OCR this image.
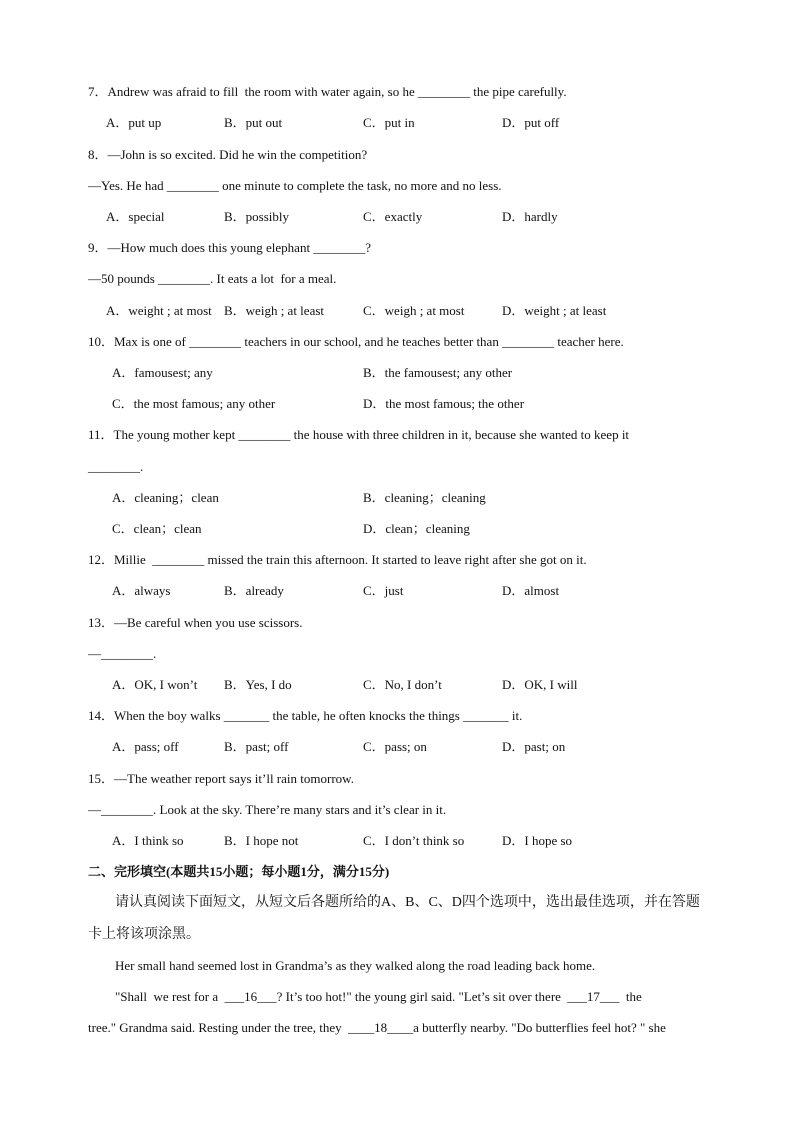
7．Andrew was afraid to fill  the room with water again, so he ________ the pipe carefully.
A．put up	B．put out	C．put in	D．put off
8．—John is so excited. Did he win the competition?
—Yes. He had ________ one minute to complete the task, no more and no less.
A．special	B．possibly	C．exactly	D．hardly
9．—How much does this young elephant ________?
—50 pounds ________. It eats a lot  for a meal.
A．weight ; at most B．weigh ; at least	C．weigh ; at most	D．weight ; at least
10．Max is one of ________ teachers in our school, and he teaches better than ________ teacher here.
A．famousest; any	B．the famousest; any other
C．the most famous; any other	D．the most famous; the other
11．The young mother kept ________ the house with three children in it, because she wanted to keep it
________.
A．cleaning；clean	B．cleaning；cleaning
C．clean；clean	D．clean；cleaning
12．Millie  ________ missed the train this afternoon. It started to leave right after she got on it.
A．always	B．already	C．just	D．almost
13．—Be careful when you use scissors.
—________.
A．OK, I won’t B．Yes, I do	C．No, I don’t	D．OK, I will
14．When the boy walks _______ the table, he often knocks the things _______ it.
A．pass; off	B．past; off	C．pass; on	D．past; on
15．—The weather report says it’ll rain tomorrow.
—________. Look at the sky. There’re many stars and it’s clear in it.
A．I think so	B．I hope not	C．I don’t think so	D．I hope so
二、完形填空(本题共15小题；每小题1分，满分15分)
请认真阅读下面短文，从短文后各题所给的A、B、C、D四个选项中，选出最佳选项，并在答题
卡上将该项涂黑。
Her small hand seemed lost in Grandma’s as they walked along the road leading back home.
"Shall  we rest for a  ___16___? It’s too hot!" the young girl said. "Let’s sit over there  ___17___  the
tree." Grandma said. Resting under the tree, they  ____18____a butterfly nearby. "Do butterflies feel hot? " she
